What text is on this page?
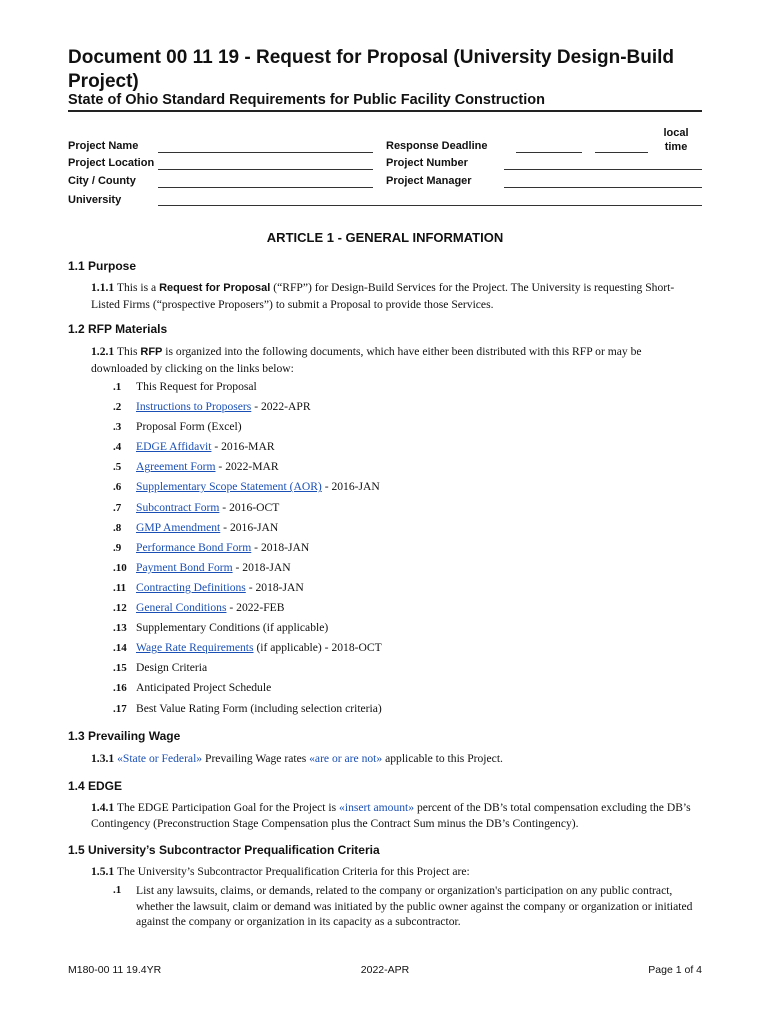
Document 00 11 19 - Request for Proposal (University Design-Build Project)
State of Ohio Standard Requirements for Public Facility Construction
Project Name
Project Location
City / County
University
Response Deadline
local time
Project Number
Project Manager
ARTICLE 1 - GENERAL INFORMATION
1.1 Purpose
1.1.1 This is a Request for Proposal (“RFP”) for Design-Build Services for the Project. The University is requesting Short-Listed Firms (“prospective Proposers”) to submit a Proposal to provide those Services.
1.2 RFP Materials
1.2.1 This RFP is organized into the following documents, which have either been distributed with this RFP or may be downloaded by clicking on the links below:
.1 This Request for Proposal
.2 Instructions to Proposers - 2022-APR
.3 Proposal Form (Excel)
.4 EDGE Affidavit - 2016-MAR
.5 Agreement Form - 2022-MAR
.6 Supplementary Scope Statement (AOR) - 2016-JAN
.7 Subcontract Form - 2016-OCT
.8 GMP Amendment - 2016-JAN
.9 Performance Bond Form - 2018-JAN
.10 Payment Bond Form - 2018-JAN
.11 Contracting Definitions - 2018-JAN
.12 General Conditions - 2022-FEB
.13 Supplementary Conditions (if applicable)
.14 Wage Rate Requirements (if applicable) - 2018-OCT
.15 Design Criteria
.16 Anticipated Project Schedule
.17 Best Value Rating Form (including selection criteria)
1.3 Prevailing Wage
1.3.1 «State or Federal» Prevailing Wage rates «are or are not» applicable to this Project.
1.4 EDGE
1.4.1 The EDGE Participation Goal for the Project is «insert amount» percent of the DB’s total compensation excluding the DB’s Contingency (Preconstruction Stage Compensation plus the Contract Sum minus the DB’s Contingency).
1.5 University’s Subcontractor Prequalification Criteria
1.5.1 The University’s Subcontractor Prequalification Criteria for this Project are:
.1 List any lawsuits, claims, or demands, related to the company or organization's participation on any public contract, whether the lawsuit, claim or demand was initiated by the public owner against the company or organization or initiated against the company or organization in its capacity as a subcontractor.
M180-00 11 19.4YR	2022-APR	Page 1 of 4
